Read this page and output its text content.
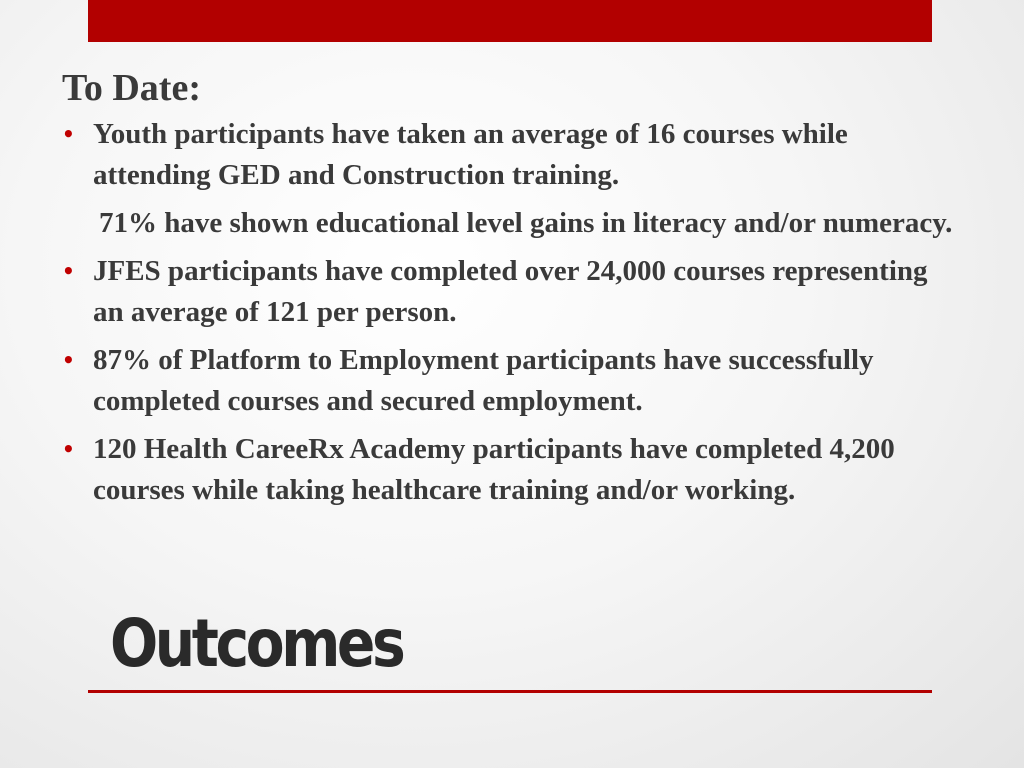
To Date:
• Youth participants have taken an average of 16 courses while attending GED and Construction training.
71% have shown educational level gains in literacy and/or numeracy.
• JFES participants have completed over 24,000 courses representing an average of 121 per person.
• 87% of Platform to Employment participants have successfully completed courses and secured employment.
• 120 Health CareeRx Academy participants have completed 4,200 courses while taking healthcare training and/or working.
Outcomes
